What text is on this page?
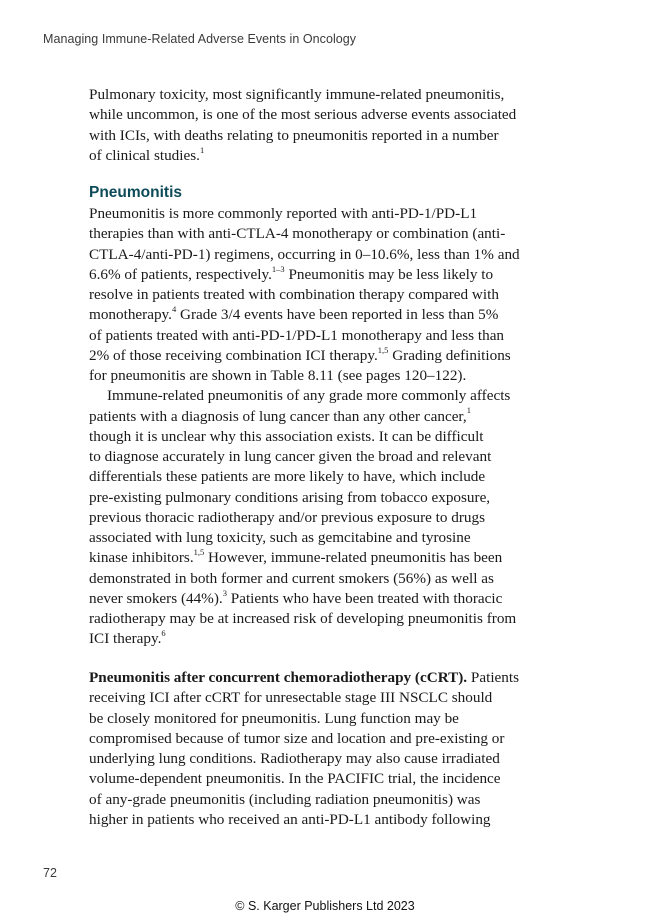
Managing Immune-Related Adverse Events in Oncology
Pulmonary toxicity, most significantly immune-related pneumonitis,
while uncommon, is one of the most serious adverse events associated
with ICIs, with deaths relating to pneumonitis reported in a number
of clinical studies.$^1$
Pneumonitis
Pneumonitis is more commonly reported with anti-PD-1/PD-L1
therapies than with anti-CTLA-4 monotherapy or combination (anti-
CTLA-4/anti-PD-1) regimens, occurring in 0–10.6%, less than 1% and
6.6% of patients, respectively.$^{1-3}$ Pneumonitis may be less likely to
resolve in patients treated with combination therapy compared with
monotherapy.$^4$ Grade 3/4 events have been reported in less than 5%
of patients treated with anti-PD-1/PD-L1 monotherapy and less than
2% of those receiving combination ICI therapy.$^{1,5}$ Grading definitions
for pneumonitis are shown in Table 8.11 (see pages 120–122).
Immune-related pneumonitis of any grade more commonly affects
patients with a diagnosis of lung cancer than any other cancer,$^1$
though it is unclear why this association exists. It can be difficult
to diagnose accurately in lung cancer given the broad and relevant
differentials these patients are more likely to have, which include
pre-existing pulmonary conditions arising from tobacco exposure,
previous thoracic radiotherapy and/or previous exposure to drugs
associated with lung toxicity, such as gemcitabine and tyrosine
kinase inhibitors.$^{1,5}$ However, immune-related pneumonitis has been
demonstrated in both former and current smokers (56%) as well as
never smokers (44%).$^3$ Patients who have been treated with thoracic
radiotherapy may be at increased risk of developing pneumonitis from
ICI therapy.$^6$
Pneumonitis after concurrent chemoradiotherapy (cCRT). Patients
receiving ICI after cCRT for unresectable stage III NSCLC should
be closely monitored for pneumonitis. Lung function may be
compromised because of tumor size and location and pre-existing or
underlying lung conditions. Radiotherapy may also cause irradiated
volume-dependent pneumonitis. In the PACIFIC trial, the incidence
of any-grade pneumonitis (including radiation pneumonitis) was
higher in patients who received an anti-PD-L1 antibody following
72
© S. Karger Publishers Ltd 2023
